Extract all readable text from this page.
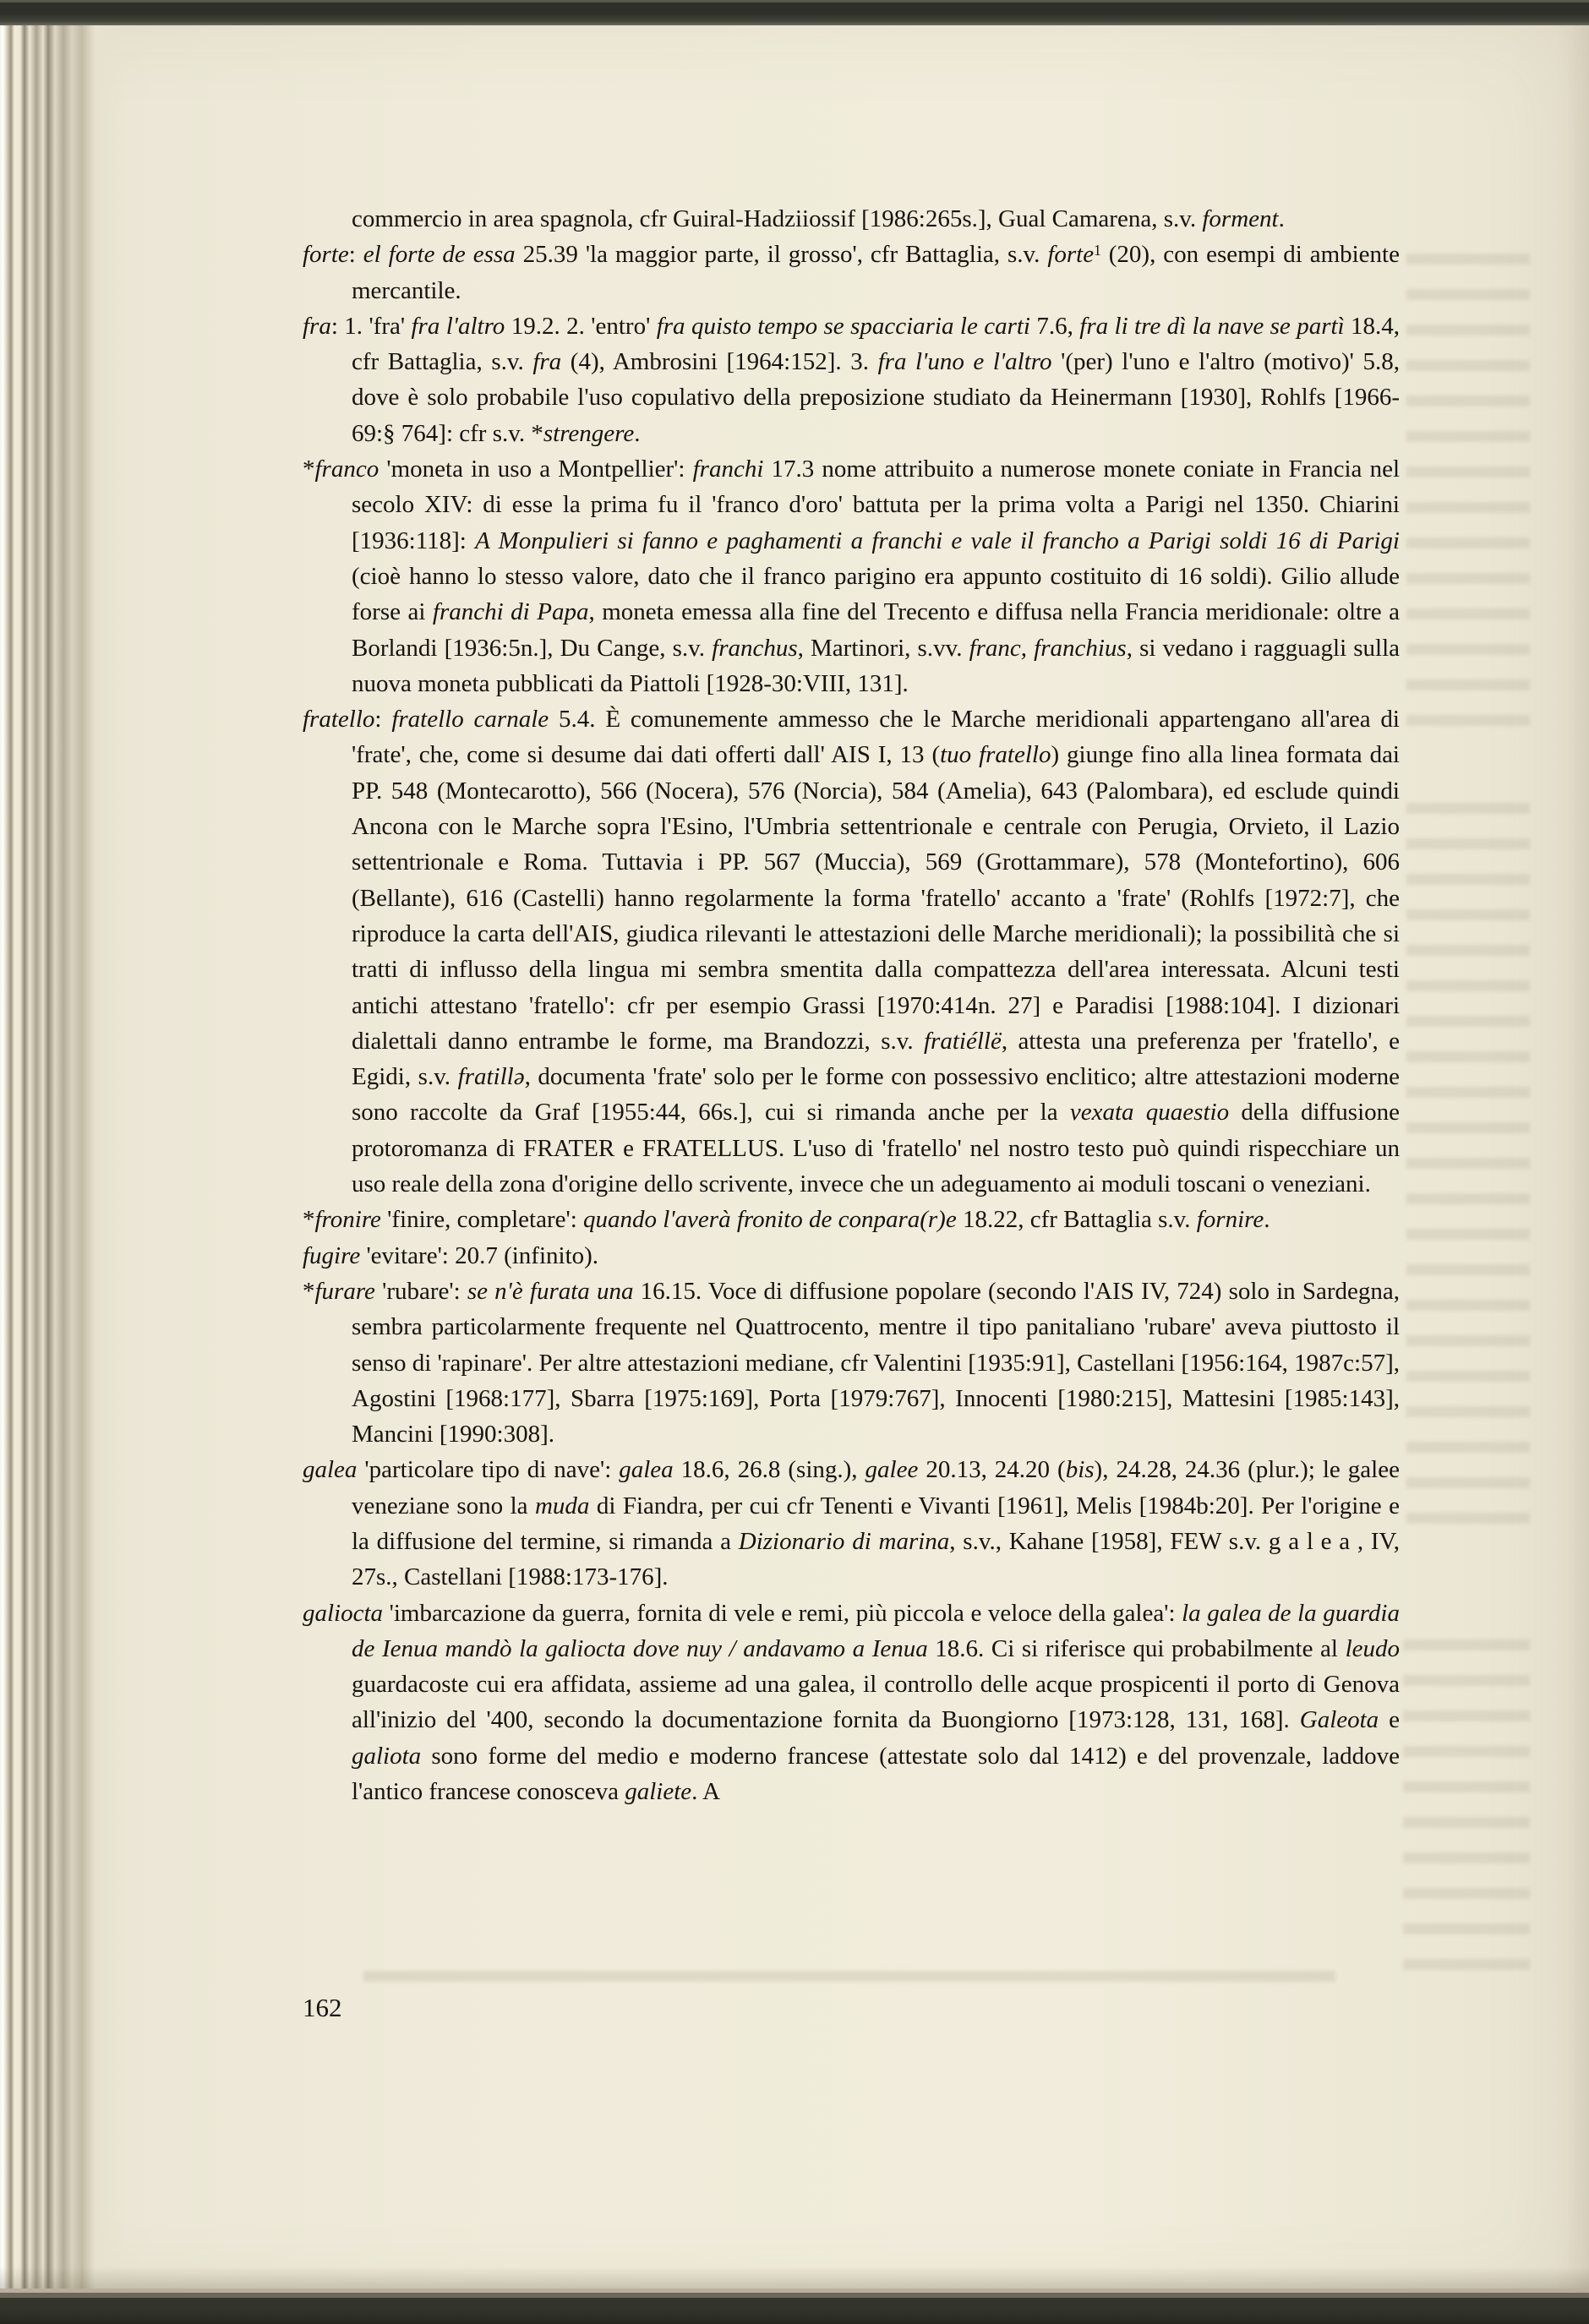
commercio in area spagnola, cfr Guiral-Hadziiossif [1986:265s.], Gual Camarena, s.v. forment.

forte: el forte de essa 25.39 'la maggior parte, il grosso', cfr Battaglia, s.v. forte$^1$ (20), con esempi di ambiente mercantile.

fra: 1. 'fra' fra l'altro 19.2. 2. 'entro' fra quisto tempo se spacciaria le carti 7.6, fra li tre dì la nave se partì 18.4, cfr Battaglia, s.v. fra (4), Ambrosini [1964:152]. 3. fra l'uno e l'altro '(per) l'uno e l'altro (motivo)' 5.8, dove è solo probabile l'uso copulativo della preposizione studiato da Heinermann [1930], Rohlfs [1966-69:§ 764]: cfr s.v. *strengere.

*franco 'moneta in uso a Montpellier': franchi 17.3 nome attribuito a numerose monete coniate in Francia nel secolo XIV: di esse la prima fu il 'franco d'oro' battuta per la prima volta a Parigi nel 1350. Chiarini [1936:118]: A Monpulieri si fanno e paghamenti a franchi e vale il francho a Parigi soldi 16 di Parigi (cioè hanno lo stesso valore, dato che il franco parigino era appunto costituito di 16 soldi). Gilio allude forse ai franchi di Papa, moneta emessa alla fine del Trecento e diffusa nella Francia meridionale: oltre a Borlandi [1936:5n.], Du Cange, s.v. franchus, Martinori, s.vv. franc, franchius, si vedano i ragguagli sulla nuova moneta pubblicati da Piattoli [1928-30:VIII, 131].

fratello: fratello carnale 5.4. È comunemente ammesso che le Marche meridionali appartengano all'area di 'frate', che, come si desume dai dati offerti dall' AIS I, 13 (tuo fratello) giunge fino alla linea formata dai PP. 548 (Montecarotto), 566 (Nocera), 576 (Norcia), 584 (Amelia), 643 (Palombara), ed esclude quindi Ancona con le Marche sopra l'Esino, l'Umbria settentrionale e centrale con Perugia, Orvieto, il Lazio settentrionale e Roma. Tuttavia i PP. 567 (Muccia), 569 (Grottammare), 578 (Montefortino), 606 (Bellante), 616 (Castelli) hanno regolarmente la forma 'fratello' accanto a 'frate' (Rohlfs [1972:7], che riproduce la carta dell'AIS, giudica rilevanti le attestazioni delle Marche meridionali); la possibilità che si tratti di influsso della lingua mi sembra smentita dalla compattezza dell'area interessata. Alcuni testi antichi attestano 'fratello': cfr per esempio Grassi [1970:414n. 27] e Paradisi [1988:104]. I dizionari dialettali danno entrambe le forme, ma Brandozzi, s.v. fratiéllë, attesta una preferenza per 'fratello', e Egidi, s.v. fratillə, documenta 'frate' solo per le forme con possessivo enclitico; altre attestazioni moderne sono raccolte da Graf [1955:44, 66s.], cui si rimanda anche per la vexata quaestio della diffusione protoromanza di FRATER e FRATELLUS. L'uso di 'fratello' nel nostro testo può quindi rispecchiare un uso reale della zona d'origine dello scrivente, invece che un adeguamento ai moduli toscani o veneziani.

*fronire 'finire, completare': quando l'averà fronito de conpara(r)e 18.22, cfr Battaglia s.v. fornire.

fugire 'evitare': 20.7 (infinito).

*furare 'rubare': se n'è furata una 16.15. Voce di diffusione popolare (secondo l'AIS IV, 724) solo in Sardegna, sembra particolarmente frequente nel Quattrocento, mentre il tipo panitaliano 'rubare' aveva piuttosto il senso di 'rapinare'. Per altre attestazioni mediane, cfr Valentini [1935:91], Castellani [1956:164, 1987c:57], Agostini [1968:177], Sbarra [1975:169], Porta [1979:767], Innocenti [1980:215], Mattesini [1985:143], Mancini [1990:308].

galea 'particolare tipo di nave': galea 18.6, 26.8 (sing.), galee 20.13, 24.20 (bis), 24.28, 24.36 (plur.); le galee veneziane sono la muda di Fiandra, per cui cfr Tenenti e Vivanti [1961], Melis [1984b:20]. Per l'origine e la diffusione del termine, si rimanda a Dizionario di marina, s.v., Kahane [1958], FEW s.v. g a l e a , IV, 27s., Castellani [1988:173-176].

galiocta 'imbarcazione da guerra, fornita di vele e remi, più piccola e veloce della galea': la galea de la guardia de Ienua mandò la galiocta dove nuy / andavamo a Ienua 18.6. Ci si riferisce qui probabilmente al leudo guardacoste cui era affidata, assieme ad una galea, il controllo delle acque prospicenti il porto di Genova all'inizio del '400, secondo la documentazione fornita da Buongiorno [1973:128, 131, 168]. Galeota e galiota sono forme del medio e moderno francese (attestate solo dal 1412) e del provenzale, laddove l'antico francese conosceva galiete. A

162
